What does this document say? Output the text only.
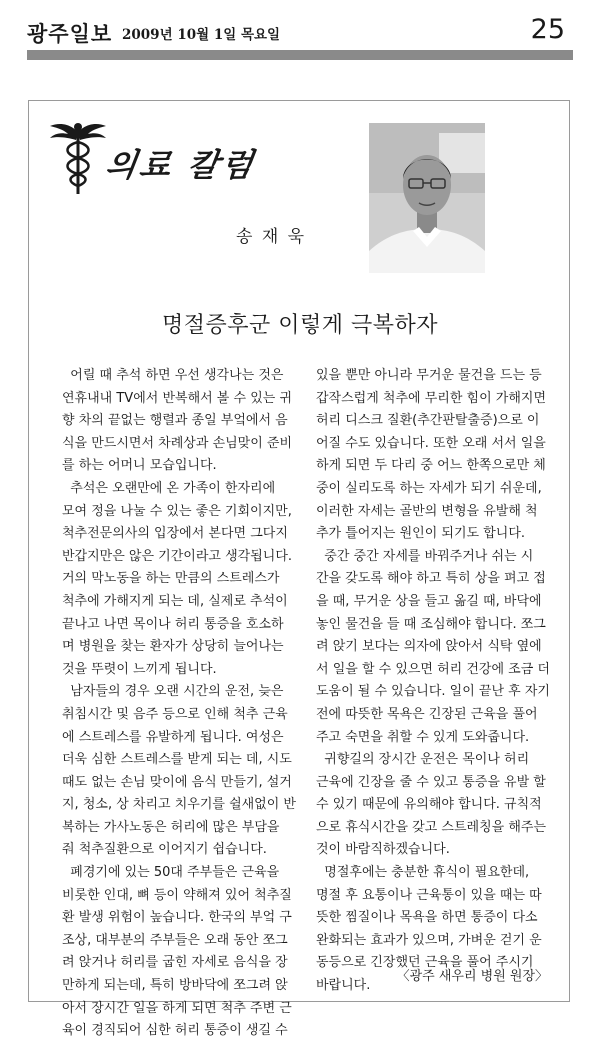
광주일보 2009년 10월 1일 목요일	25
의료 칼럼
송 재 욱
명절증후군 이렇게 극복하자
어릴 때 추석 하면 우선 생각나는 것은
연휴내내 TV에서 반복해서 볼 수 있는 귀
향 차의 끝없는 행렬과 종일 부엌에서 음
식을 만드시면서 차례상과 손님맞이 준비
를 하는 어머니 모습입니다.
추석은 오랜만에 온 가족이 한자리에
모여 정을 나눌 수 있는 좋은 기회이지만,
척추전문의사의 입장에서 본다면 그다지
반갑지만은 않은 기간이라고 생각됩니다.
거의 막노동을 하는 만큼의 스트레스가
척추에 가해지게 되는 데, 실제로 추석이
끝나고 나면 목이나 허리 통증을 호소하
며 병원을 찾는 환자가 상당히 늘어나는
것을 뚜렷이 느끼게 됩니다.
남자들의 경우 오랜 시간의 운전, 늦은
취침시간 및 음주 등으로 인해 척추 근육
에 스트레스를 유발하게 됩니다. 여성은
더욱 심한 스트레스를 받게 되는 데, 시도
때도 없는 손님 맞이에 음식 만들기, 설거
지, 청소, 상 차리고 치우기를 쉴새없이 반
복하는 가사노동은 허리에 많은 부담을
줘 척추질환으로 이어지기 쉽습니다.
폐경기에 있는 50대 주부들은 근육을
비롯한 인대, 뼈 등이 약해져 있어 척추질
환 발생 위험이 높습니다. 한국의 부엌 구
조상, 대부분의 주부들은 오래 동안 쪼그
려 앉거나 허리를 굽힌 자세로 음식을 장
만하게 되는데, 특히 방바닥에 쪼그려 앉
아서 장시간 일을 하게 되면 척추 주변 근
육이 경직되어 심한 허리 통증이 생길 수
있을 뿐만 아니라 무거운 물건을 드는 등
갑작스럽게 척추에 무리한 힘이 가해지면
허리 디스크 질환(추간판탈출증)으로 이
어질 수도 있습니다. 또한 오래 서서 일을
하게 되면 두 다리 중 어느 한쪽으로만 체
중이 실리도록 하는 자세가 되기 쉬운데,
이러한 자세는 골반의 변형을 유발해 척
추가 틀어지는 원인이 되기도 합니다.
중간 중간 자세를 바꿔주거나 쉬는 시
간을 갖도록 해야 하고 특히 상을 펴고 접
을 때, 무거운 상을 들고 옮길 때, 바닥에
놓인 물건을 들 때 조심해야 합니다. 쪼그
려 앉기 보다는 의자에 앉아서 식탁 옆에
서 일을 할 수 있으면 허리 건강에 조금 더
도움이 될 수 있습니다. 일이 끝난 후 자기
전에 따뜻한 목욕은 긴장된 근육을 풀어
주고 숙면을 취할 수 있게 도와줍니다.
귀향길의 장시간 운전은 목이나 허리
근육에 긴장을 줄 수 있고 통증을 유발 할
수 있기 때문에 유의해야 합니다. 규칙적
으로 휴식시간을 갖고 스트레칭을 해주는
것이 바람직하겠습니다.
명절후에는 충분한 휴식이 필요한데,
명절 후 요통이나 근육통이 있을 때는 따
뜻한 찜질이나 목욕을 하면 통증이 다소
완화되는 효과가 있으며, 가벼운 걷기 운
동등으로 긴장했던 근육을 풀어 주시기
바랍니다.
〈광주 새우리 병원 원장〉
